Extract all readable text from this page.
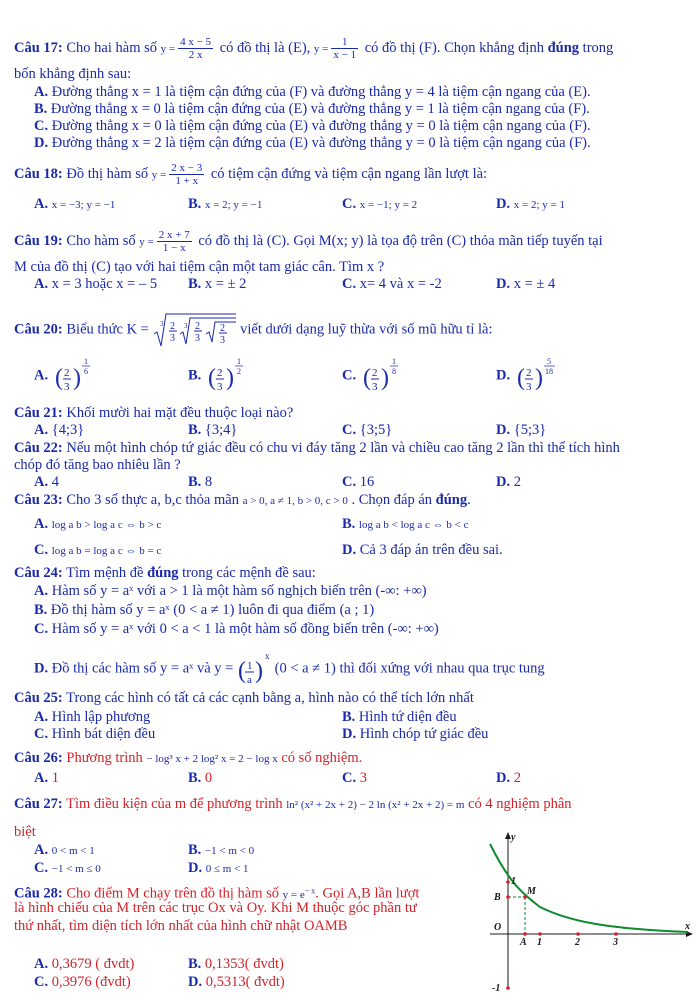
Câu 17: Cho hai hàm số $y = \frac{4 x - 5}{2 x}$ có đồ thị là (E), $y = \frac{1}{x - 1}$ có đồ thị (F). Chọn khẳng định đúng trong
bốn khẳng định sau:
A. Đường thẳng x = 1 là tiệm cận đứng của (F) và đường thẳng y = 4 là tiệm cận ngang của (E).
B. Đường thẳng x = 0 là tiệm cận đứng của (E) và đường thẳng y = 1 là tiệm cận ngang của (F).
C. Đường thẳng x = 0 là tiệm cận đứng của (E) và đường thẳng y = 0 là tiệm cận ngang của (F).
D. Đường thẳng x = 2 là tiệm cận đứng của (E) và đường thẳng y = 0 là tiệm cận ngang của (F).
Câu 18: Đồ thị hàm số $y = \frac{2 x - 3}{1 + x}$ có tiệm cận đứng và tiệm cận ngang lần lượt là:
A. x = −3; y = −1	B. x = 2; y = −1	C. x = −1; y = 2	D. x = 2; y = 1
Câu 19: Cho hàm số $y = \frac{2 x + 7}{1 - x}$ có đồ thị là (C). Gọi M(x; y) là tọa độ trên (C) thỏa mãn tiếp tuyến tại
M của đồ thị (C) tạo với hai tiệm cận một tam giác cân. Tìm x ?
A. x = 3 hoặc x = – 5 B. x = ± 2	C. x= 4 và x = -2	D. x = ± 4
Câu 20: Biểu thức K = 3	3
2
3
2
3
2
3
viết dưới dạng luỹ thừa với số mũ hữu tỉ là:
A. ( 2
3 )
1
6	B. ( 2
3 )
1
2	C. ( 2
3 )
1
8	D. ( 2
3 )
5
18
Câu 21: Khối mười hai mặt đều thuộc loại nào?
A. {4;3}	B. {3;4}	C. {3;5}	D. {5;3}
Câu 22: Nếu một hình chóp tứ giác đều có chu vi đáy tăng 2 lần và chiều cao tăng 2 lần thì thể tích hình
chóp đó tăng bao nhiêu lần ?
A. 4	B. 8	C. 16	D. 2
Câu 23: Cho 3 số thực a, b,c thỏa mãn a > 0, a ≠ 1, b > 0, c > 0 . Chọn đáp án đúng.
A. log a b > log a c ⇔ b > c	B. log a b < log a c ⇔ b < c
C. log a b = log a c ⇔ b = c	D. Cả 3 đáp án trên đều sai.
Câu 24: Tìm mệnh đề đúng trong các mệnh đề sau:
A. Hàm số y = aˣ với a > 1 là một hàm số nghịch biến trên (-∞: +∞)
B. Đồ thị hàm số y = aˣ (0 < a ≠ 1) luôn đi qua điểm (a ; 1)
C. Hàm số y = aˣ với 0 < a < 1 là một hàm số đồng biến trên (-∞: +∞)
D. Đồ thị các hàm số y = aˣ và y = ( 1
a )
x
(0 < a ≠ 1) thì đối xứng với nhau qua trục tung
Câu 25: Trong các hình có tất cả các cạnh bằng a, hình nào có thể tích lớn nhất
A. Hình lập phương	B. Hình tứ diện đều
C. Hình bát diện đều	D. Hình chóp tứ giác đều
Câu 26: Phương trình − log³ x + 2 log² x = 2 − log x có số nghiệm.
A. 1	B. 0	C. 3	D. 2
Câu 27: Tìm điều kiện của m để phương trình ln² (x² + 2x + 2) − 2 ln (x² + 2x + 2) = m có 4 nghiệm phân
biệt
A. 0 < m < 1	B. −1 < m < 0
C. −1 < m ≤ 0	D. 0 ≤ m < 1
Câu 28: Cho điểm M chạy trên đồ thị hàm số $y = e^{- x}$. Gọi A,B lần lượt
là hình chiếu của M trên các trục Ox và Oy. Khi M thuộc góc phần tư
thứ nhất, tìm diện tích lớn nhất của hình chữ nhật OAMB
A. 0,3679 ( đvdt)	B. 0,1353( đvdt)
C. 0,3976 (đvdt)	D. 0,5313( đvdt)
y
x
O
B
M
A 1	2	3
1
-1
